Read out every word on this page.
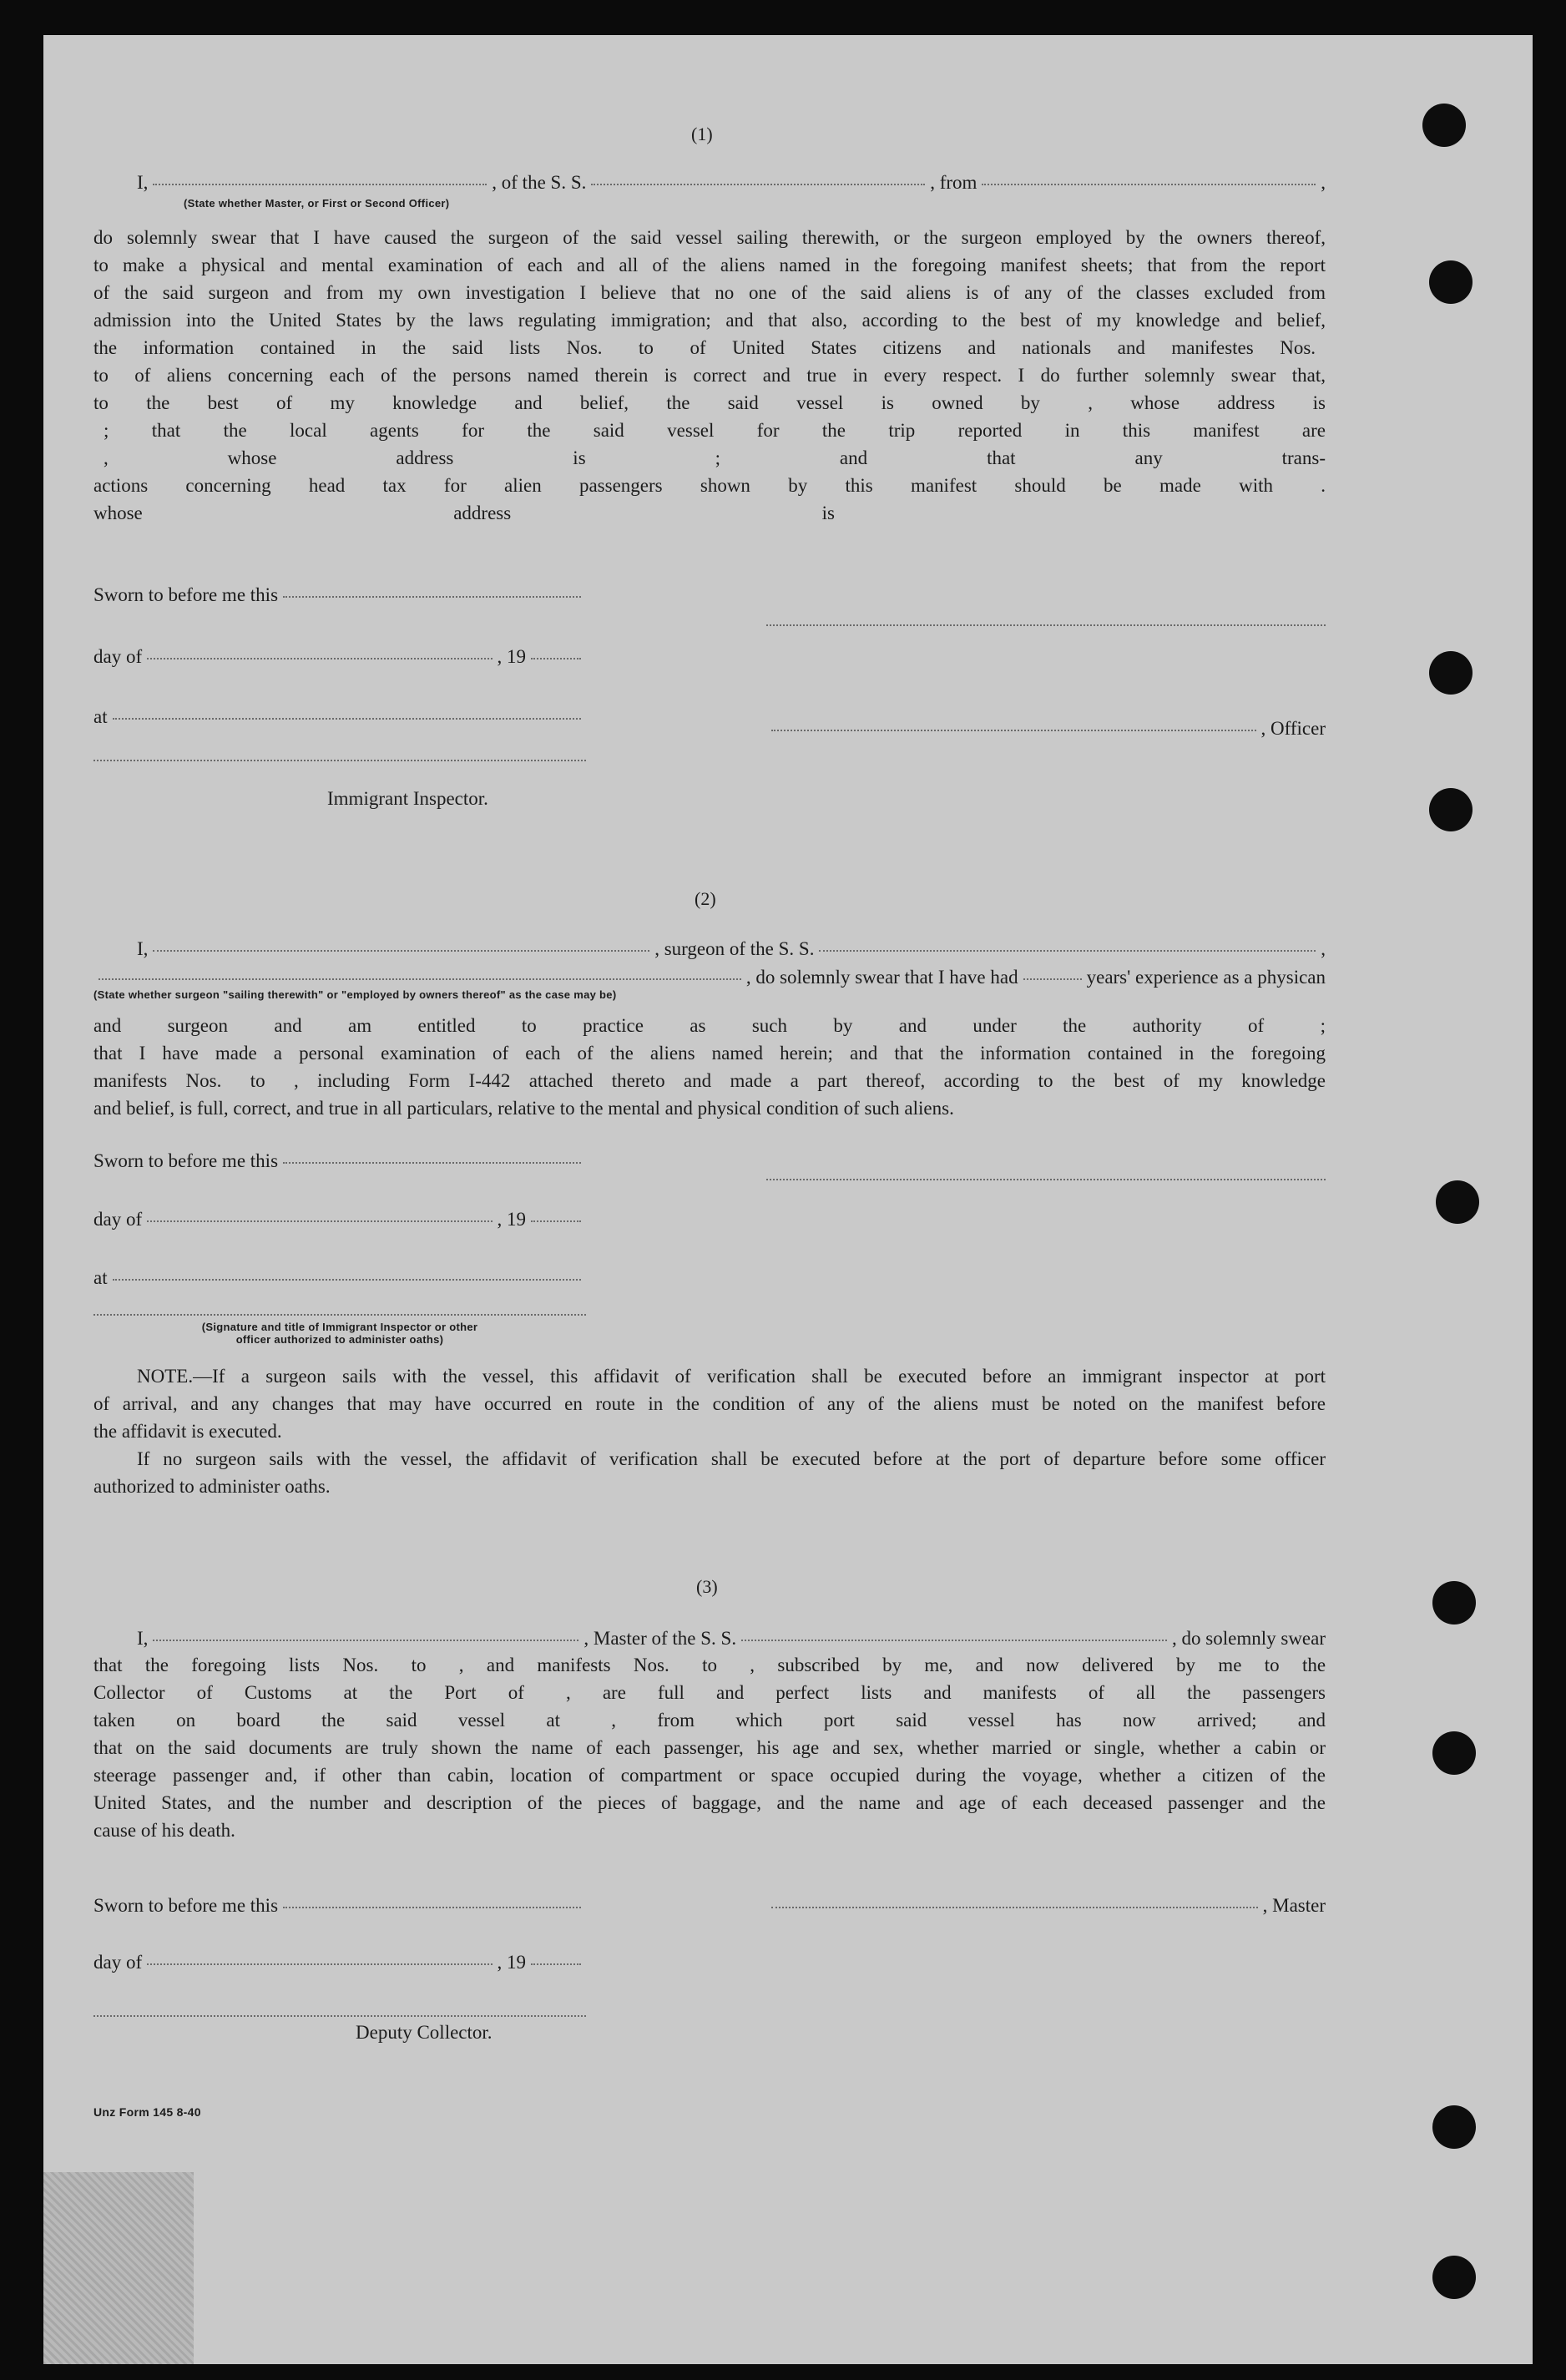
(1)
I,	, of the S. S.	, from	,
(State whether Master, or First or Second Officer)
do solemnly swear that I have caused the surgeon of the said vessel sailing therewith, or the surgeon employed by the owners thereof,
to make a physical and mental examination of each and all of the aliens named in the foregoing manifest sheets; that from the report
of the said surgeon and from my own investigation I believe that no one of the said aliens is of any of the classes excluded from
admission into the United States by the laws regulating immigration; and that also, according to the best of my knowledge and belief,
the information contained in the said lists Nos. to of United States citizens and nationals and manifestes Nos.
to of aliens concerning each of the persons named therein is correct and true in every respect. I do further solemnly swear that,
to the best of my knowledge and belief, the said vessel is owned by , whose address is
; that the local agents for the said vessel for the trip reported in this manifest are
, whose address is	; and that any trans-
actions concerning head tax for alien passengers shown by this manifest should be made with .
whose address is
Sworn to before me this
day of	, 19
at
, Officer
Immigrant Inspector.
(2)
I,	, surgeon of the S. S.	,
, do solemnly swear that I have had	years' experience as a physican
(State whether surgeon "sailing therewith" or "employed by owners thereof" as the case may be)
and surgeon and am entitled to practice as such by and under the authority of	;
that I have made a personal examination of each of the aliens named herein; and that the information contained in the foregoing
manifests Nos. to , including Form I-442 attached thereto and made a part thereof, according to the best of my knowledge
and belief, is full, correct, and true in all particulars, relative to the mental and physical condition of such aliens.
Sworn to before me this
day of	, 19
at
(Signature and title of Immigrant Inspector or other
officer authorized to administer oaths)
NOTE.—If a surgeon sails with the vessel, this affidavit of verification shall be executed before an immigrant inspector at port
of arrival, and any changes that may have occurred en route in the condition of any of the aliens must be noted on the manifest before
the affidavit is executed.
If no surgeon sails with the vessel, the affidavit of verification shall be executed before at the port of departure before some officer
authorized to administer oaths.
(3)
I,	, Master of the S. S.	, do solemnly swear
that the foregoing lists Nos. to , and manifests Nos. to , subscribed by me, and now delivered by me to the
Collector of Customs at the Port of , are full and perfect lists and manifests of all the passengers
taken on board the said vessel at	, from which port said vessel has now arrived; and
that on the said documents are truly shown the name of each passenger, his age and sex, whether married or single, whether a cabin or
steerage passenger and, if other than cabin, location of compartment or space occupied during the voyage, whether a citizen of the
United States, and the number and description of the pieces of baggage, and the name and age of each deceased passenger and the
cause of his death.
Sworn to before me this	, Master
day of	, 19
Deputy Collector.
Unz Form 145 8-40
